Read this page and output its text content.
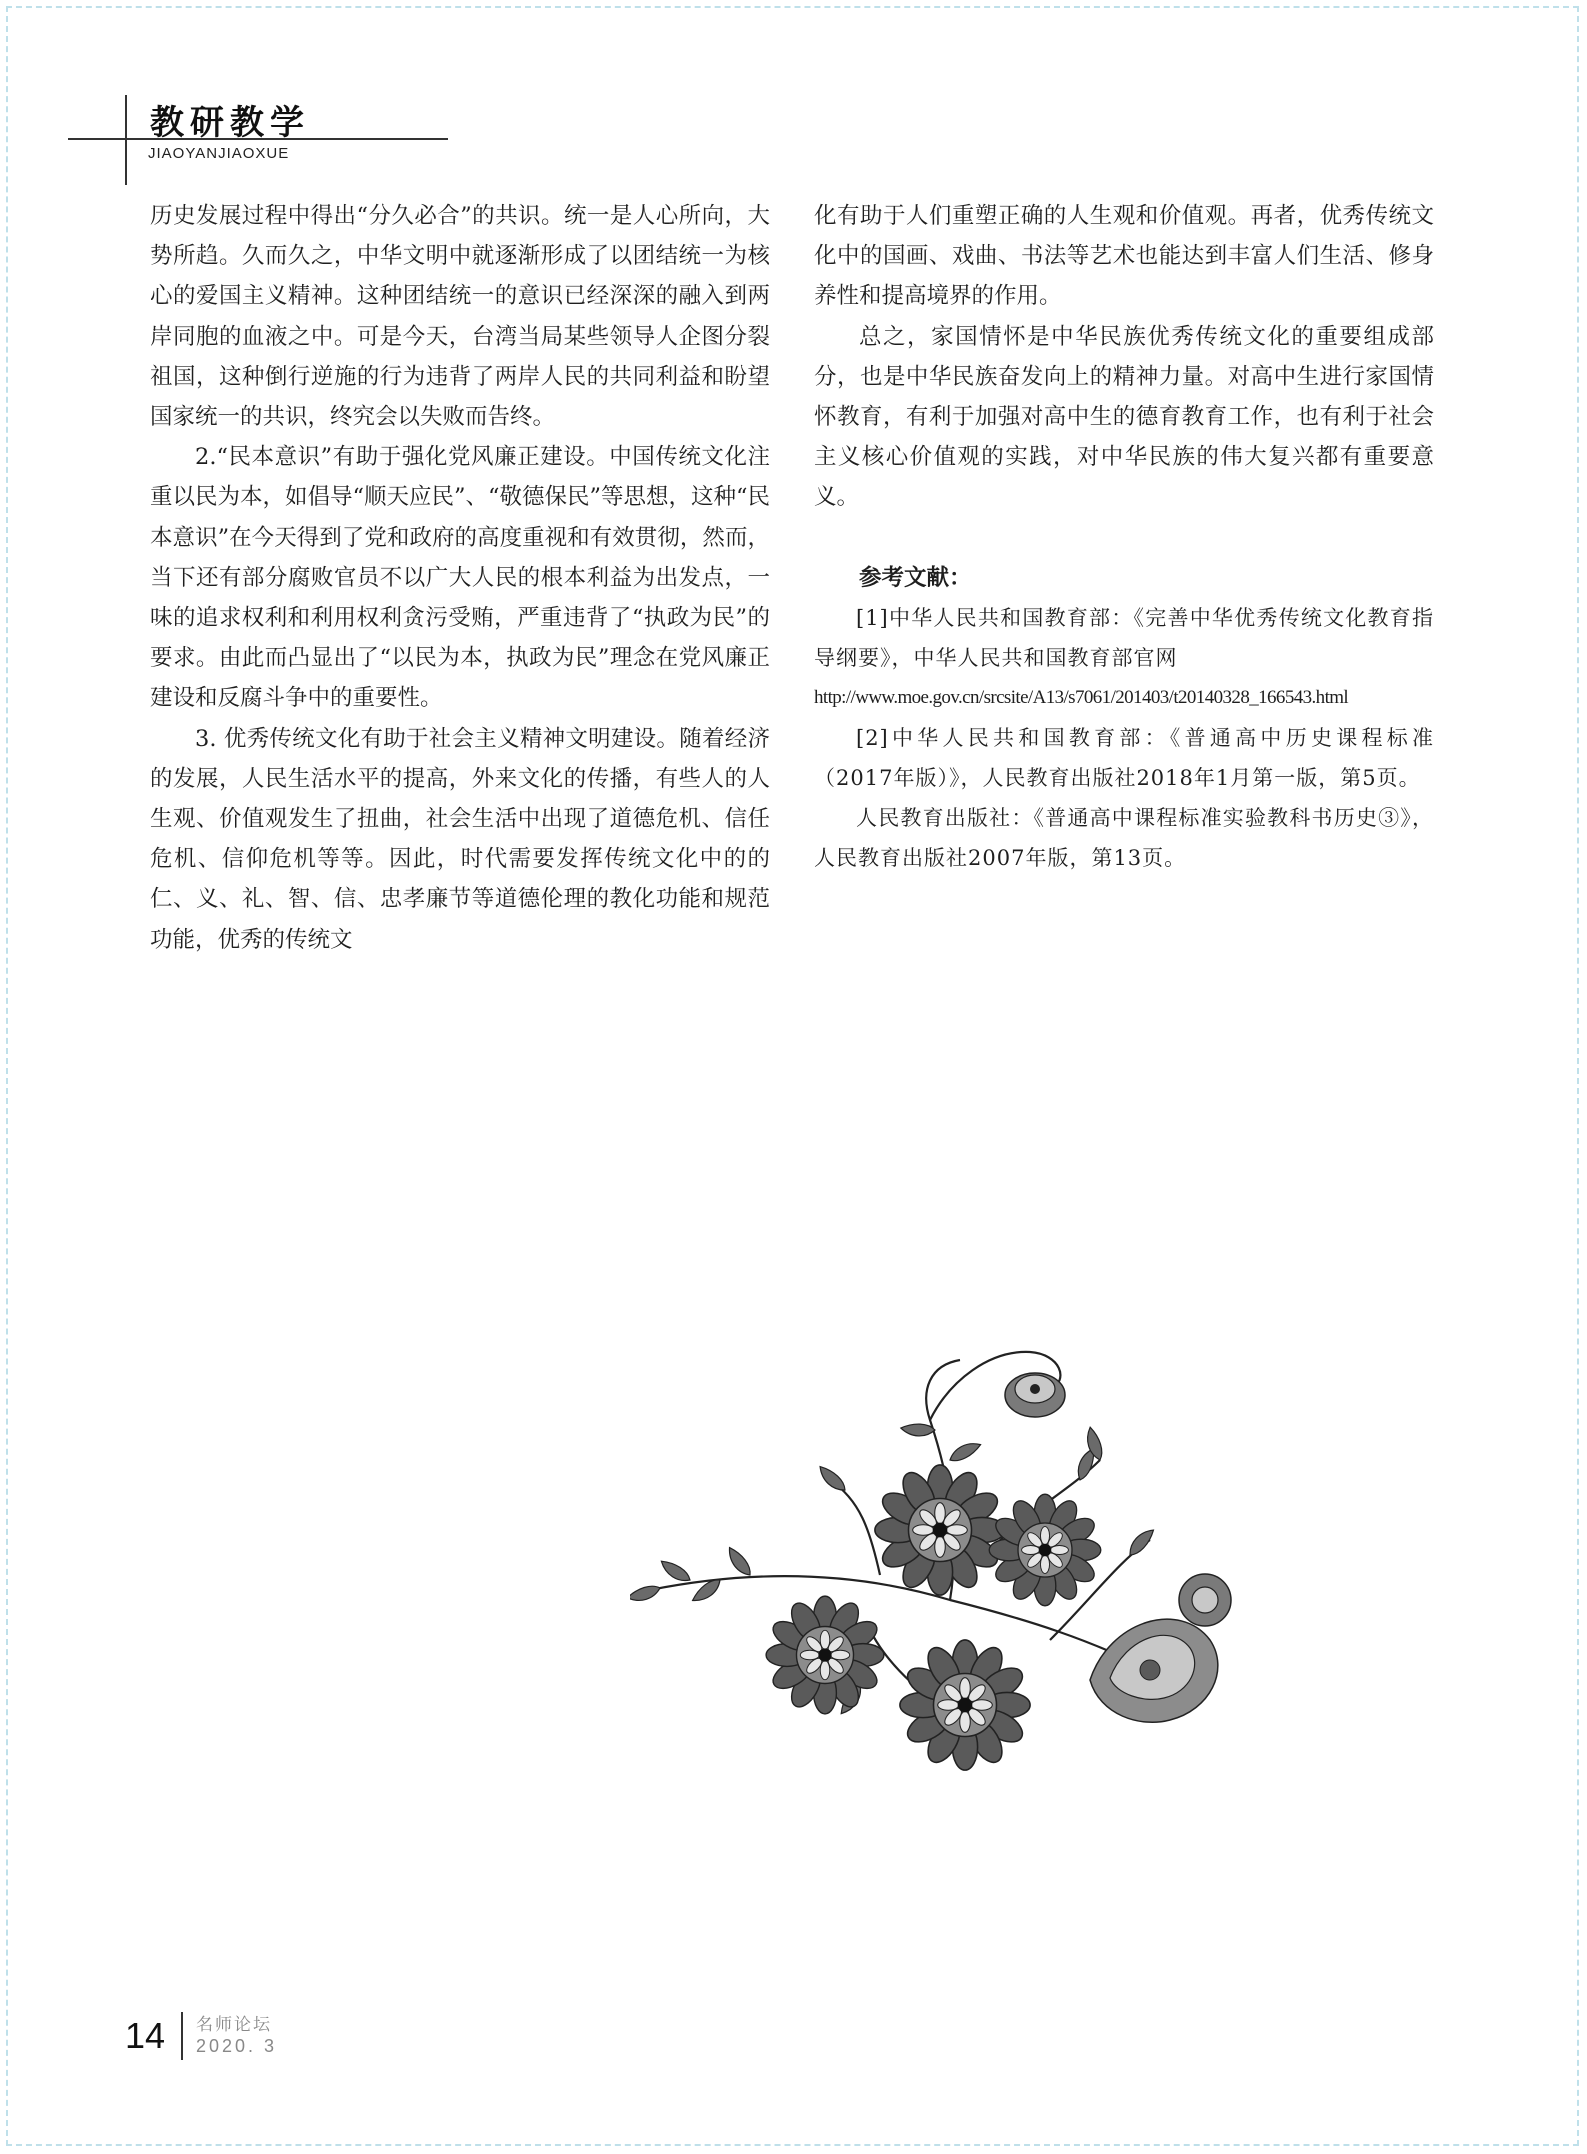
教研教学
JIAOYANJIAOXUE

历史发展过程中得出“分久必合”的共识。统一是人心所向，大势所趋。久而久之，中华文明中就逐渐形成了以团结统一为核心的爱国主义精神。这种团结统一的意识已经深深的融入到两岸同胞的血液之中。可是今天，台湾当局某些领导人企图分裂祖国，这种倒行逆施的行为违背了两岸人民的共同利益和盼望国家统一的共识，终究会以失败而告终。

2.“民本意识”有助于强化党风廉正建设。中国传统文化注重以民为本，如倡导“顺天应民”、“敬德保民”等思想，这种“民本意识”在今天得到了党和政府的高度重视和有效贯彻，然而，当下还有部分腐败官员不以广大人民的根本利益为出发点，一味的追求权利和利用权利贪污受贿，严重违背了“执政为民”的要求。由此而凸显出了“以民为本，执政为民”理念在党风廉正建设和反腐斗争中的重要性。

3. 优秀传统文化有助于社会主义精神文明建设。随着经济的发展，人民生活水平的提高，外来文化的传播，有些人的人生观、价值观发生了扭曲，社会生活中出现了道德危机、信任危机、信仰危机等等。因此，时代需要发挥传统文化中的的仁、义、礼、智、信、忠孝廉节等道德伦理的教化功能和规范功能，优秀的传统文

化有助于人们重塑正确的人生观和价值观。再者，优秀传统文化中的国画、戏曲、书法等艺术也能达到丰富人们生活、修身养性和提高境界的作用。

总之，家国情怀是中华民族优秀传统文化的重要组成部分，也是中华民族奋发向上的精神力量。对高中生进行家国情怀教育，有利于加强对高中生的德育教育工作，也有利于社会主义核心价值观的实践，对中华民族的伟大复兴都有重要意义。

参考文献：

[1]中华人民共和国教育部：《完善中华优秀传统文化教育指导纲要》，中华人民共和国教育部官网

http://www.moe.gov.cn/srcsite/A13/s7061/201403/t20140328_166543.html

[2]中华人民共和国教育部：《普通高中历史课程标准（2017年版）》，人民教育出版社2018年1月第一版，第5页。

人民教育出版社：《普通高中课程标准实验教科书历史③》，人民教育出版社2007年版，第13页。

14 名师论坛
2020. 3
